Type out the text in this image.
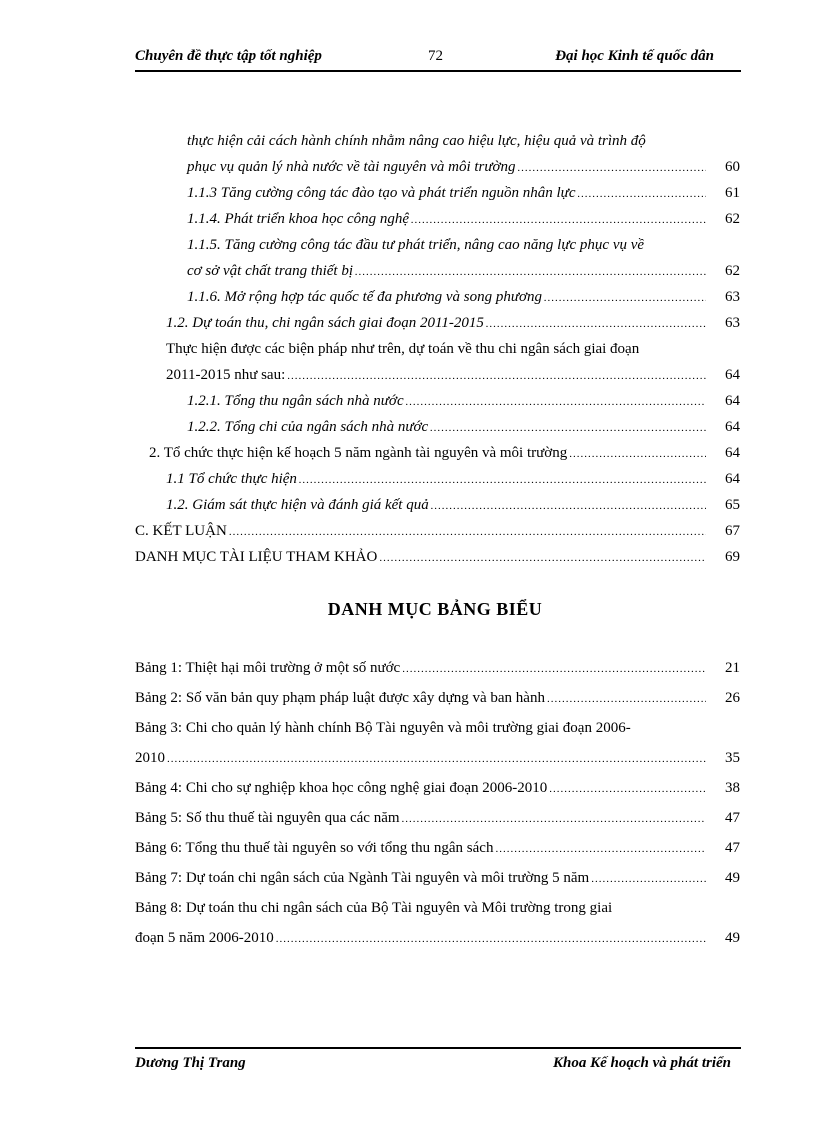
Chuyên đề thực tập tốt nghiệp	72	Đại học Kinh tế quốc dân
thực hiện cải cách hành chính nhằm nâng cao hiệu lực, hiệu quả và trình độ
phục vụ quản lý nhà nước về tài nguyên và môi trường .....	60
1.1.3 Tăng cường công tác đào tạo và phát triển nguồn nhân lực .....	61
1.1.4. Phát triển khoa học công nghệ .....	62
1.1.5. Tăng cường công tác đầu tư phát triển, nâng cao năng lực phục vụ về
cơ sở vật chất trang thiết bị .....	62
1.1.6. Mở rộng hợp tác quốc tế đa phương và song phương .....	63
1.2. Dự toán thu, chi ngân sách giai đoạn 2011-2015 .....	63
Thực hiện được các biện pháp như trên, dự toán về thu chi ngân sách giai đoạn
2011-2015 như sau: .....	64
1.2.1. Tổng thu ngân sách nhà nước .....	64
1.2.2. Tổng chi của ngân sách nhà nước .....	64
2. Tổ chức thực hiện kế hoạch 5 năm ngành tài nguyên và môi trường .....	64
1.1 Tổ chức thực hiện .....	64
1.2. Giám sát thực hiện và đánh giá kết quả .....	65
C. KẾT LUẬN .....	67
DANH MỤC TÀI LIỆU THAM KHẢO .....	69
DANH MỤC BẢNG BIỂU
Bảng 1: Thiệt hại môi trường ở một số nước .....	21
Bảng 2: Số văn bản quy phạm pháp luật được xây dựng và ban hành .....	26
Bảng 3: Chi cho quản lý hành chính Bộ Tài nguyên và môi trường giai đoạn 2006-
2010 .....	35
Bảng 4: Chi cho sự nghiệp khoa học công nghệ giai đoạn 2006-2010 .....	38
Bảng 5: Số thu thuế tài nguyên qua các năm .....	47
Bảng 6: Tổng thu thuế tài nguyên so với tổng thu ngân sách .....	47
Bảng 7: Dự toán chi ngân sách của Ngành Tài nguyên và môi trường 5 năm .....	49
Bảng 8: Dự toán thu chi ngân sách của Bộ Tài nguyên và Môi trường trong giai
đoạn 5 năm 2006-2010 .....	49
Dương Thị Trang	Khoa Kế hoạch và phát triển
